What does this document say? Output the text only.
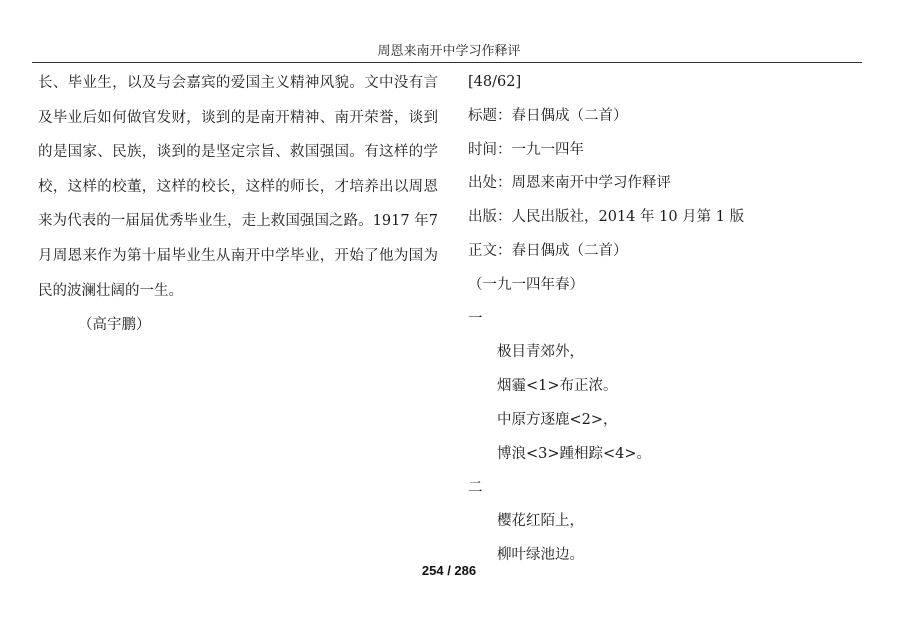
周恩来南开中学习作释评

长、毕业生，以及与会嘉宾的爱国主义精神风貌。文中没有言及毕业后如何做官发财，谈到的是南开精神、南开荣誉，谈到的是国家、民族，谈到的是坚定宗旨、救国强国。有这样的学校，这样的校董，这样的校长，这样的师长，才培养出以周恩来为代表的一届届优秀毕业生，走上救国强国之路。1917 年7 月周恩来作为第十届毕业生从南开中学毕业，开始了他为国为民的波澜壮阔的一生。

（高宇鹏）

[48/62]
标题：春日偶成（二首）
时间：一九一四年
出处：周恩来南开中学习作释评
出版：人民出版社，2014 年 10 月第 1 版
正文：春日偶成（二首）
（一九一四年春）
一
极目青郊外，
烟霾<1>布正浓。
中原方逐鹿<2>，
博浪<3>踵相踪<4>。
二
樱花红陌上，
柳叶绿池边。
254 / 286
